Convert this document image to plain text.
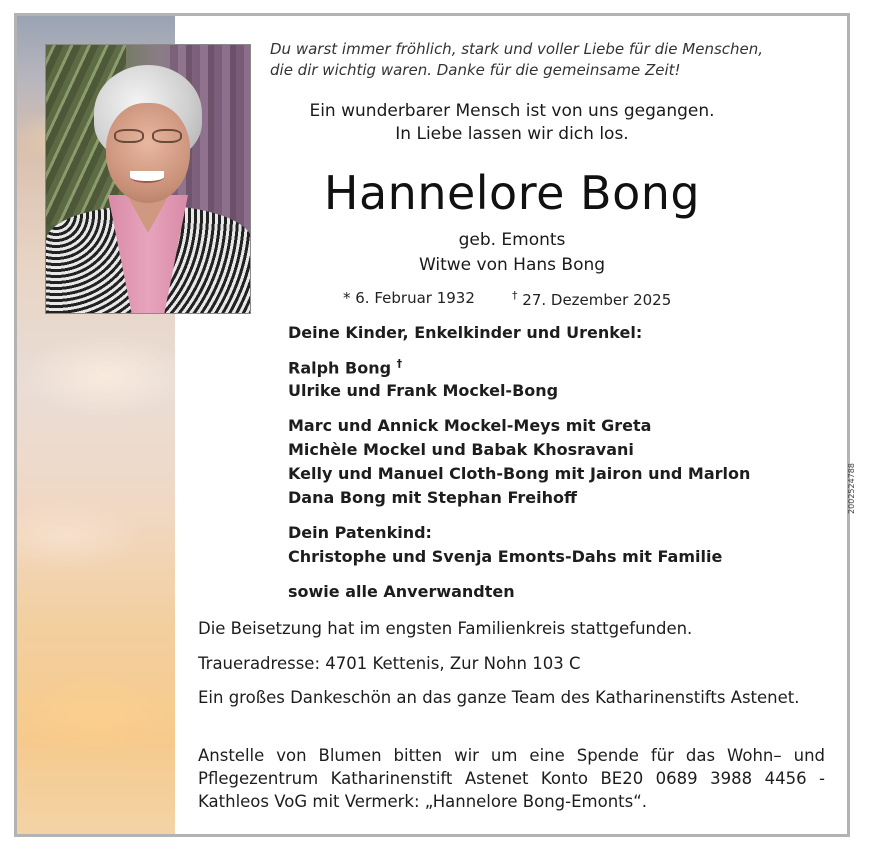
Du warst immer fröhlich, stark und voller Liebe für die Menschen,
die dir wichtig waren. Danke für die gemeinsame Zeit!
Ein wunderbarer Mensch ist von uns gegangen.
In Liebe lassen wir dich los.
Hannelore Bong
geb. Emonts
Witwe von Hans Bong
* 6. Februar 1932	† 27. Dezember 2025
Deine Kinder, Enkelkinder und Urenkel:
Ralph Bong †
Ulrike und Frank Mockel-Bong
Marc und Annick Mockel-Meys mit Greta
Michèle Mockel und Babak Khosravani
Kelly und Manuel Cloth-Bong mit Jairon und Marlon
Dana Bong mit Stephan Freihoff
Dein Patenkind:
Christophe und Svenja Emonts-Dahs mit Familie
sowie alle Anverwandten
Die Beisetzung hat im engsten Familienkreis stattgefunden.
Traueradresse: 4701 Kettenis, Zur Nohn 103 C
Ein großes Dankeschön an das ganze Team des Katharinenstifts Astenet.
Anstelle von Blumen bitten wir um eine Spende für das Wohn– und Pflegezentrum Katharinenstift Astenet Konto BE20 0689 3988 4456 - Kathleos VoG mit Vermerk: „Hannelore Bong-Emonts“.
2002524788
